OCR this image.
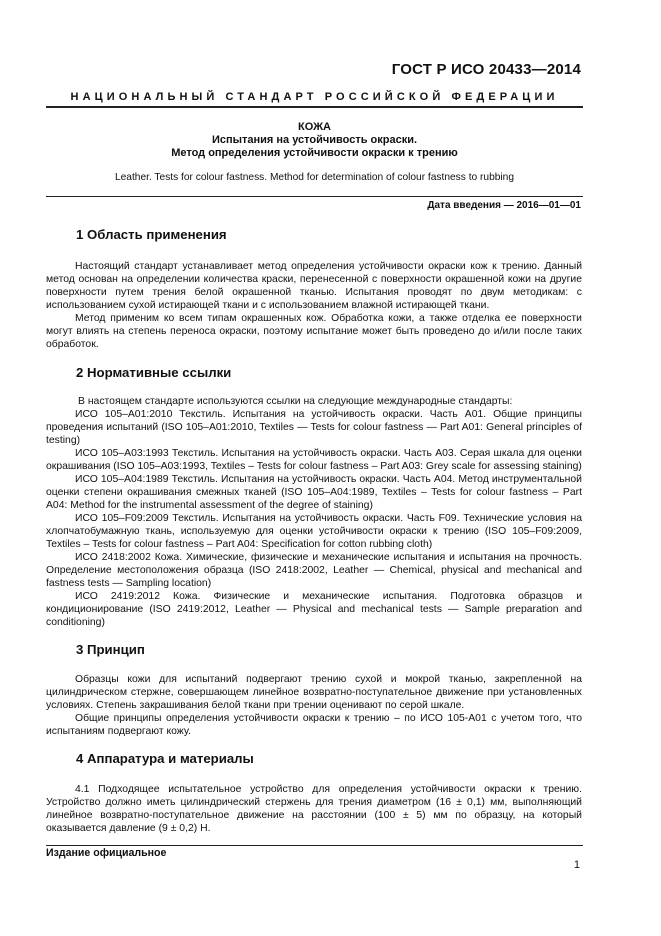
ГОСТ Р ИСО 20433—2014
НАЦИОНАЛЬНЫЙ СТАНДАРТ РОССИЙСКОЙ ФЕДЕРАЦИИ
КОЖА
Испытания на устойчивость окраски.
Метод определения устойчивости окраски к трению
Leather. Tests for colour fastness. Method for determination of colour fastness to rubbing
Дата введения — 2016—01—01
1 Область применения

Настоящий стандарт устанавливает метод определения устойчивости окраски кож к трению. Данный метод основан на определении количества краски, перенесенной с поверхности окрашенной кожи на другие поверхности путем трения белой окрашенной тканью. Испытания проводят по двум методикам: с использованием сухой истирающей ткани и с использованием влажной истирающей ткани.

Метод применим ко всем типам окрашенных кож. Обработка кожи, а также отделка ее поверхности могут влиять на степень переноса окраски, поэтому испытание может быть проведено до и/или после таких обработок.

2 Нормативные ссылки

В настоящем стандарте используются ссылки на следующие международные стандарты:

ИСО 105–А01:2010 Текстиль. Испытания на устойчивость окраски. Часть А01. Общие принципы проведения испытаний (ISO 105–A01:2010, Textiles — Tests for colour fastness — Part A01: General principles of testing)

ИСО 105–А03:1993 Текстиль. Испытания на устойчивость окраски. Часть А03. Серая шкала для оценки окрашивания (ISO 105–A03:1993, Textiles – Tests for colour fastness – Part A03: Grey scale for assessing staining)

ИСО 105–А04:1989 Текстиль. Испытания на устойчивость окраски. Часть А04. Метод инструментальной оценки степени окрашивания смежных тканей (ISO 105–A04:1989, Textiles – Tests for colour fastness – Part A04: Method for the instrumental assessment of the degree of staining)

ИСО 105–F09:2009 Текстиль. Испытания на устойчивость окраски. Часть F09. Технические условия на хлопчатобумажную ткань, используемую для оценки устойчивости окраски к трению (ISO 105–F09:2009, Textiles – Tests for colour fastness – Part A04: Specification for cotton rubbing cloth)

ИСО 2418:2002 Кожа. Химические, физические и механические испытания и испытания на прочность. Определение местоположения образца (ISO 2418:2002, Leather — Chemical, physical and mechanical and fastness tests — Sampling location)

ИСО 2419:2012 Кожа. Физические и механические испытания. Подготовка образцов и кондиционирование (ISO 2419:2012, Leather — Physical and mechanical tests — Sample preparation and conditioning)

3 Принцип

Образцы кожи для испытаний подвергают трению сухой и мокрой тканью, закрепленной на цилиндрическом стержне, совершающем линейное возвратно-поступательное движение при установленных условиях. Степень закрашивания белой ткани при трении оценивают по серой шкале.

Общие принципы определения устойчивости окраски к трению – по ИСО 105-А01 с учетом того, что испытаниям подвергают кожу.

4 Аппаратура и материалы

4.1 Подходящее испытательное устройство для определения устойчивости окраски к трению. Устройство должно иметь цилиндрический стержень для трения диаметром (16 ± 0,1) мм, выполняющий линейное возвратно-поступательное движение на расстоянии (100 ± 5) мм по образцу, на который оказывается давление (9 ± 0,2) Н.

Издание официальное
1
